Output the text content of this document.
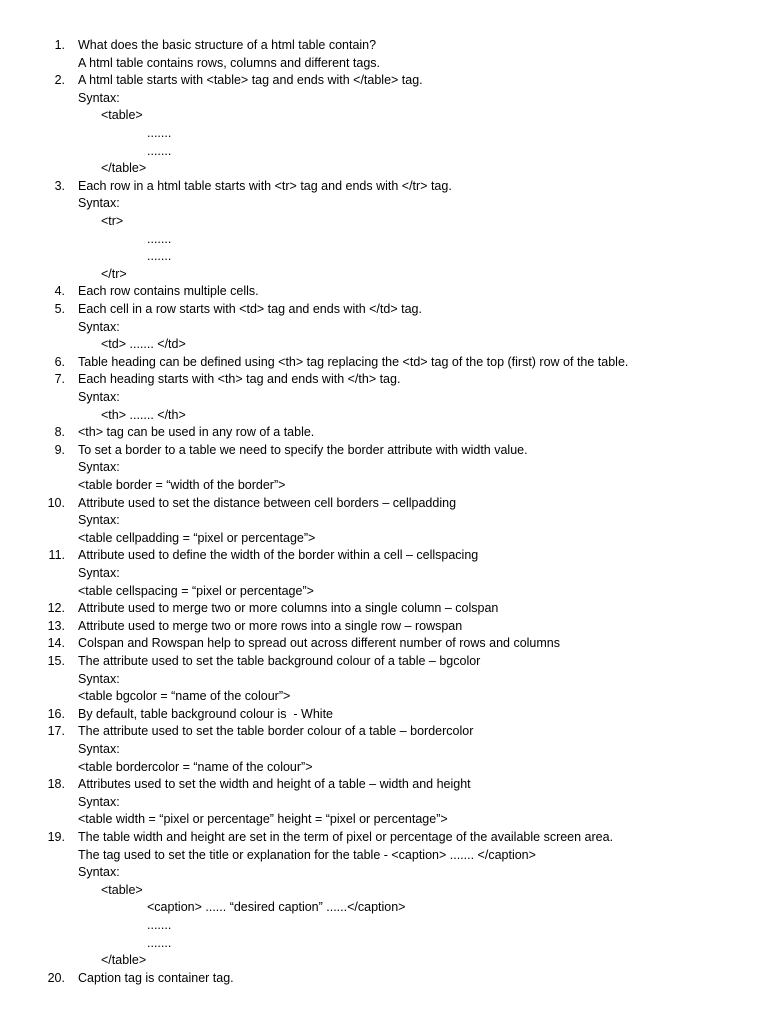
1. What does the basic structure of a html table contain?
A html table contains rows, columns and different tags.
2. A html table starts with <table> tag and ends with </table> tag.
Syntax:
<table>
.......
.......
</table>
3. Each row in a html table starts with <tr> tag and ends with </tr> tag.
Syntax:
<tr>
.......
.......
</tr>
4. Each row contains multiple cells.
5. Each cell in a row starts with <td> tag and ends with </td> tag.
Syntax:
<td> ....... </td>
6. Table heading can be defined using <th> tag replacing the <td> tag of the top (first) row of the table.
7. Each heading starts with <th> tag and ends with </th> tag.
Syntax:
<th> ....... </th>
8. <th> tag can be used in any row of a table.
9. To set a border to a table we need to specify the border attribute with width value.
Syntax:
<table border = “width of the border”>
10. Attribute used to set the distance between cell borders – cellpadding
Syntax:
<table cellpadding = “pixel or percentage”>
11. Attribute used to define the width of the border within a cell – cellspacing
Syntax:
<table cellspacing = “pixel or percentage”>
12. Attribute used to merge two or more columns into a single column – colspan
13. Attribute used to merge two or more rows into a single row – rowspan
14. Colspan and Rowspan help to spread out across different number of rows and columns
15. The attribute used to set the table background colour of a table – bgcolor
Syntax:
<table bgcolor = “name of the colour”>
16. By default, table background colour is  - White
17. The attribute used to set the table border colour of a table – bordercolor
Syntax:
<table bordercolor = “name of the colour”>
18. Attributes used to set the width and height of a table – width and height
Syntax:
<table width = “pixel or percentage” height = “pixel or percentage”>
19. The table width and height are set in the term of pixel or percentage of the available screen area.
The tag used to set the title or explanation for the table - <caption> ....... </caption>
Syntax:
<table>
<caption> ...... “desired caption” ......</caption>
.......
.......
</table>
20. Caption tag is container tag.
